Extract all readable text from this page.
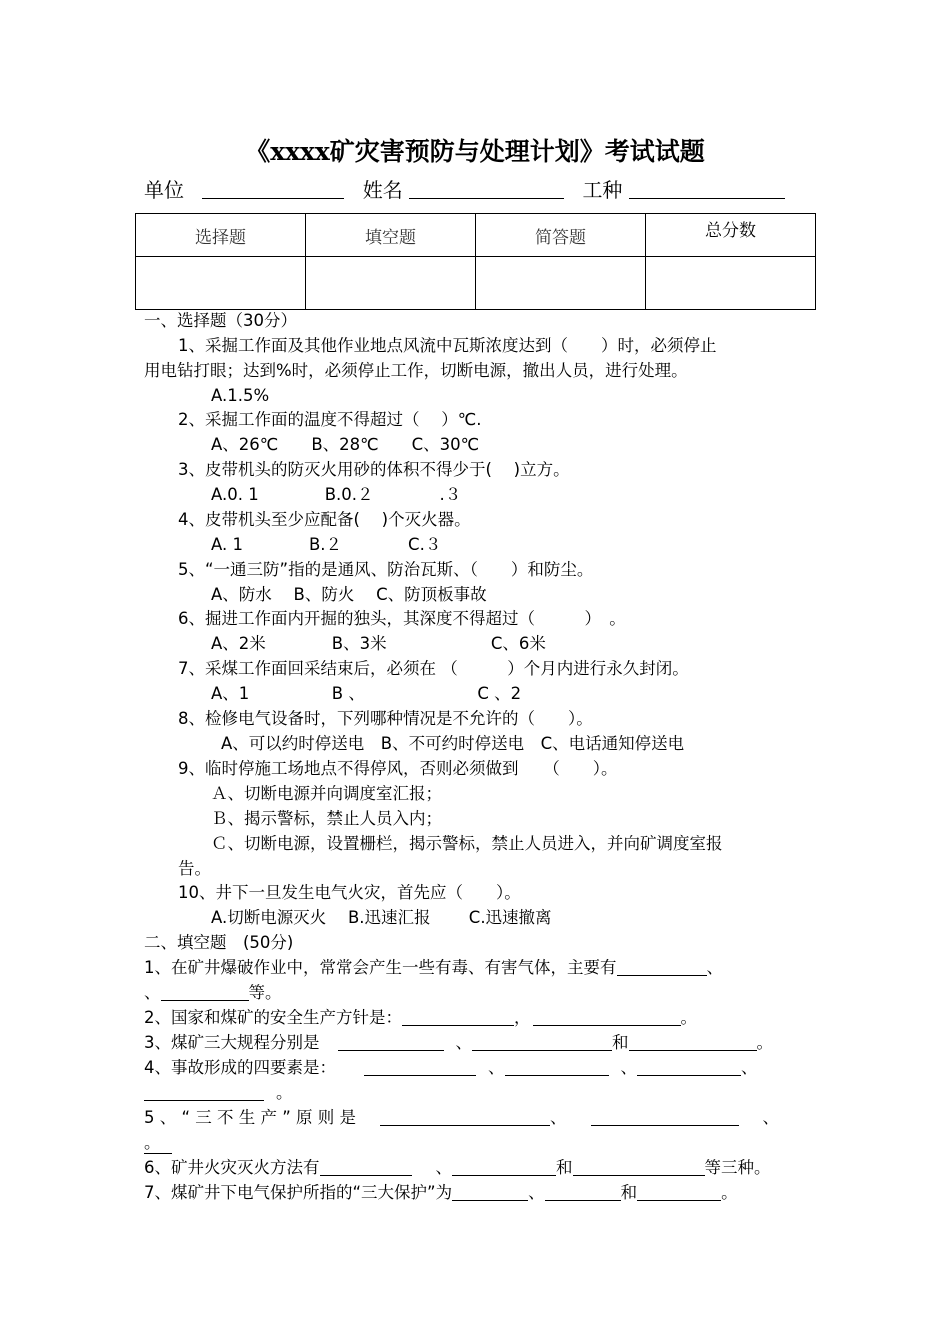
《xxxx矿灾害预防与处理计划》考试试题
单位	姓名	工种
选择题	填空题	简答题	总分数

一、选择题（30分）
1、采掘工作面及其他作业地点风流中瓦斯浓度达到（　　）时，必须停止
用电钻打眼；达到%时，必须停止工作，切断电源，撤出人员，进行处理。
A.1.5%
2、采掘工作面的温度不得超过（　 ）℃.
A、26℃　　B、28℃　　C、30℃
3、皮带机头的防灭火用砂的体积不得少于(　 )立方。
A.0. 1　　　　B.0.２　　　　.３
4、皮带机头至少应配备(　 )个灭火器。
A. 1　　　　B.２　　　　C.３
5、“一通三防”指的是通风、防治瓦斯、（　　）和防尘。
A、防水　 B、防火　 C、防顶板事故
6、掘进工作面内开掘的独头，其深度不得超过（　　　）　。
A、2米　　　　B、3米　　　　　　 C、6米
7、采煤工作面回采结束后，必须在 （　　　）个月内进行永久封闭。
A、1　　　　　B 、　　　　　　　 C 、2
8、检修电气设备时，下列哪种情况是不允许的（　　）。
A、可以约时停送电　B、不可约时停送电　C、电话通知停送电
9、临时停施工场地点不得停风，否则必须做到　　（　　）。
Ａ、切断电源并向调度室汇报；
Ｂ、揭示警标，禁止人员入内；
Ｃ、切断电源，设置栅栏，揭示警标，禁止人员进入，并向矿调度室报
告。
10、井下一旦发生电气火灾，首先应（　　）。
A.切断电源灭火　 B.迅速汇报　　 C.迅速撤离
二、填空题　(50分)
1、在矿井爆破作业中，常常会产生一些有毒、有害气体，主要有	、
、	等。
2、国家和煤矿的安全生产方针是：	，	。
3、煤矿三大规程分别是	、	和	。
4、事故形成的四要素是：	、	、	、
。
5 、 “ 三 不 生 产 ” 原 则 是	、	、
。
6、矿井火灾灭火方法有	、	和	等三种。
7、煤矿井下电气保护所指的“三大保护”为	、	和	。
